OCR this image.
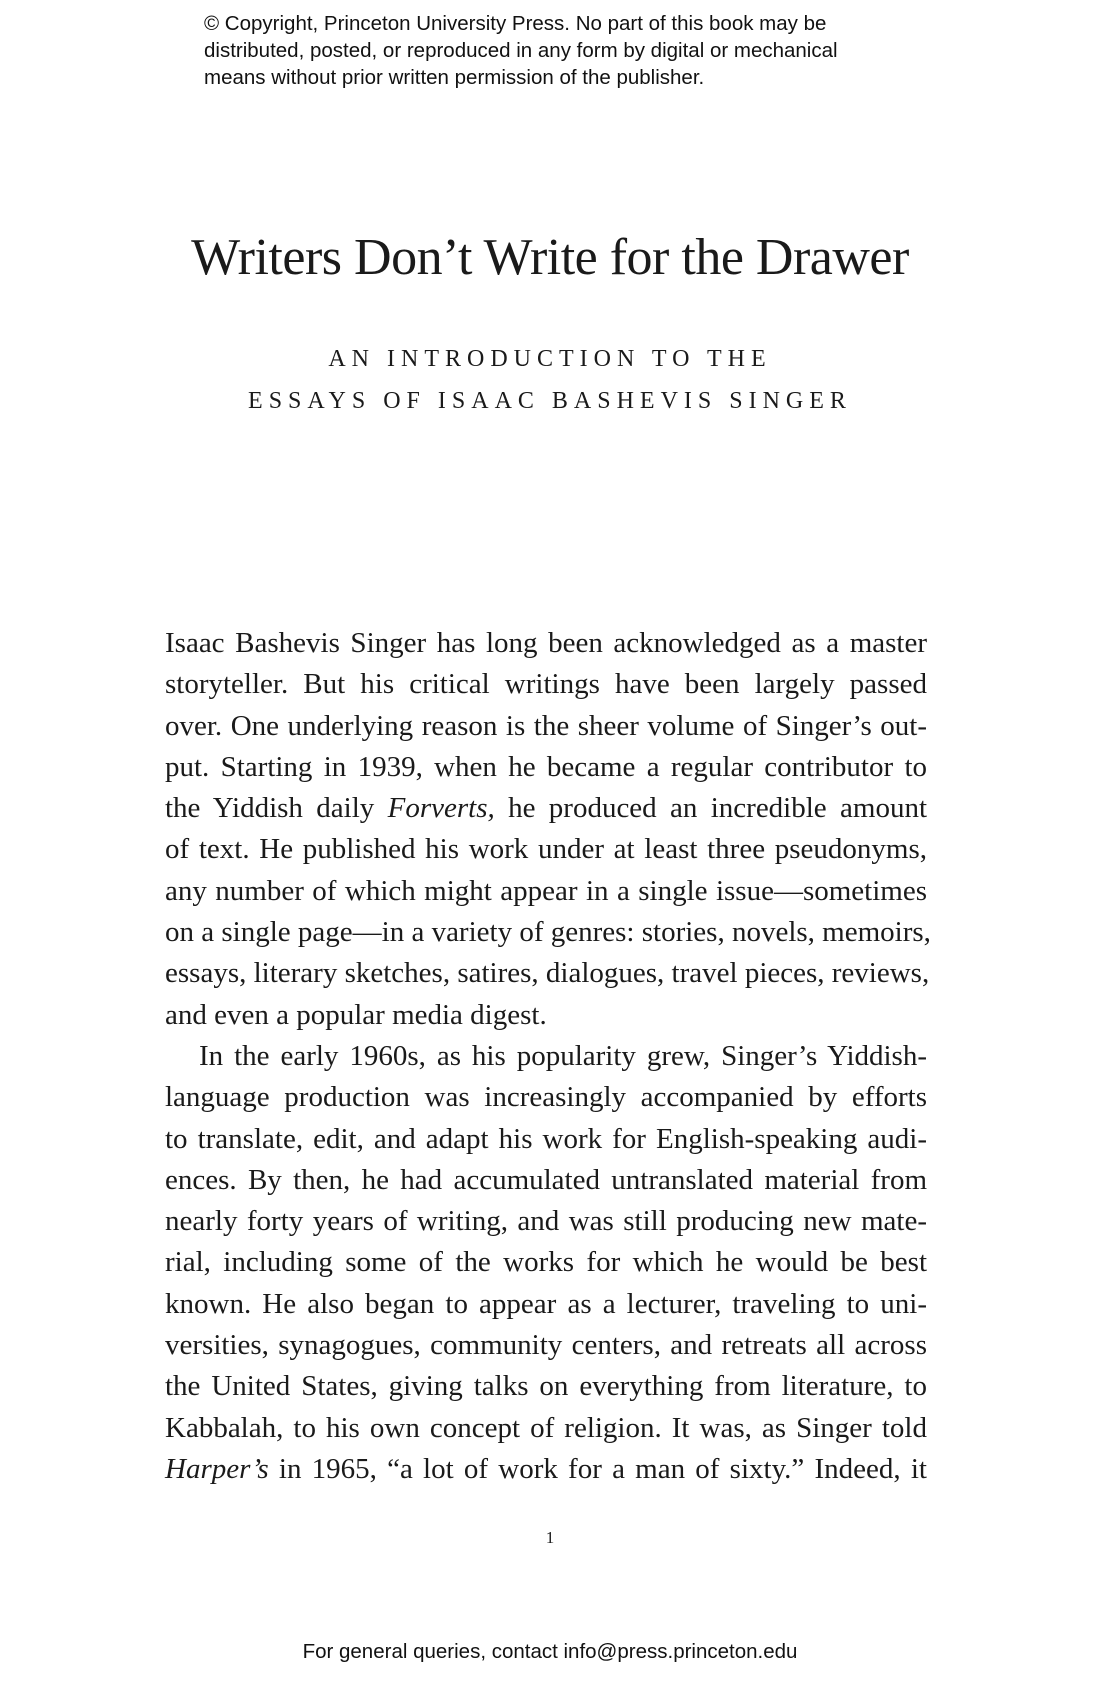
© Copyright, Princeton University Press. No part of this book may be
distributed, posted, or reproduced in any form by digital or mechanical
means without prior written permission of the publisher.
Writers Don’t Write for the Drawer
AN INTRODUCTION TO THE
ESSAYS OF ISAAC BASHEVIS SINGER
Isaac Bashevis Singer has long been acknowledged as a master
storyteller. But his critical writings have been largely passed
over. One underlying reason is the sheer volume of Singer’s out-
put. Starting in 1939, when he became a regular contributor to
the Yiddish daily Forverts, he produced an incredible amount
of text. He published his work under at least three pseudonyms,
any number of which might appear in a single issue—sometimes
on a single page—in a variety of genres: stories, novels, memoirs,
essays, literary sketches, satires, dialogues, travel pieces, reviews,
and even a popular media digest.
In the early 1960s, as his popularity grew, Singer’s Yiddish-
language production was increasingly accompanied by efforts
to translate, edit, and adapt his work for English-speaking audi-
ences. By then, he had accumulated untranslated material from
nearly forty years of writing, and was still producing new mate-
rial, including some of the works for which he would be best
known. He also began to appear as a lecturer, traveling to uni-
versities, synagogues, community centers, and retreats all across
the United States, giving talks on everything from literature, to
Kabbalah, to his own concept of religion. It was, as Singer told
Harper’s in 1965, “a lot of work for a man of sixty.” Indeed, it
1
For general queries, contact info@press.princeton.edu
